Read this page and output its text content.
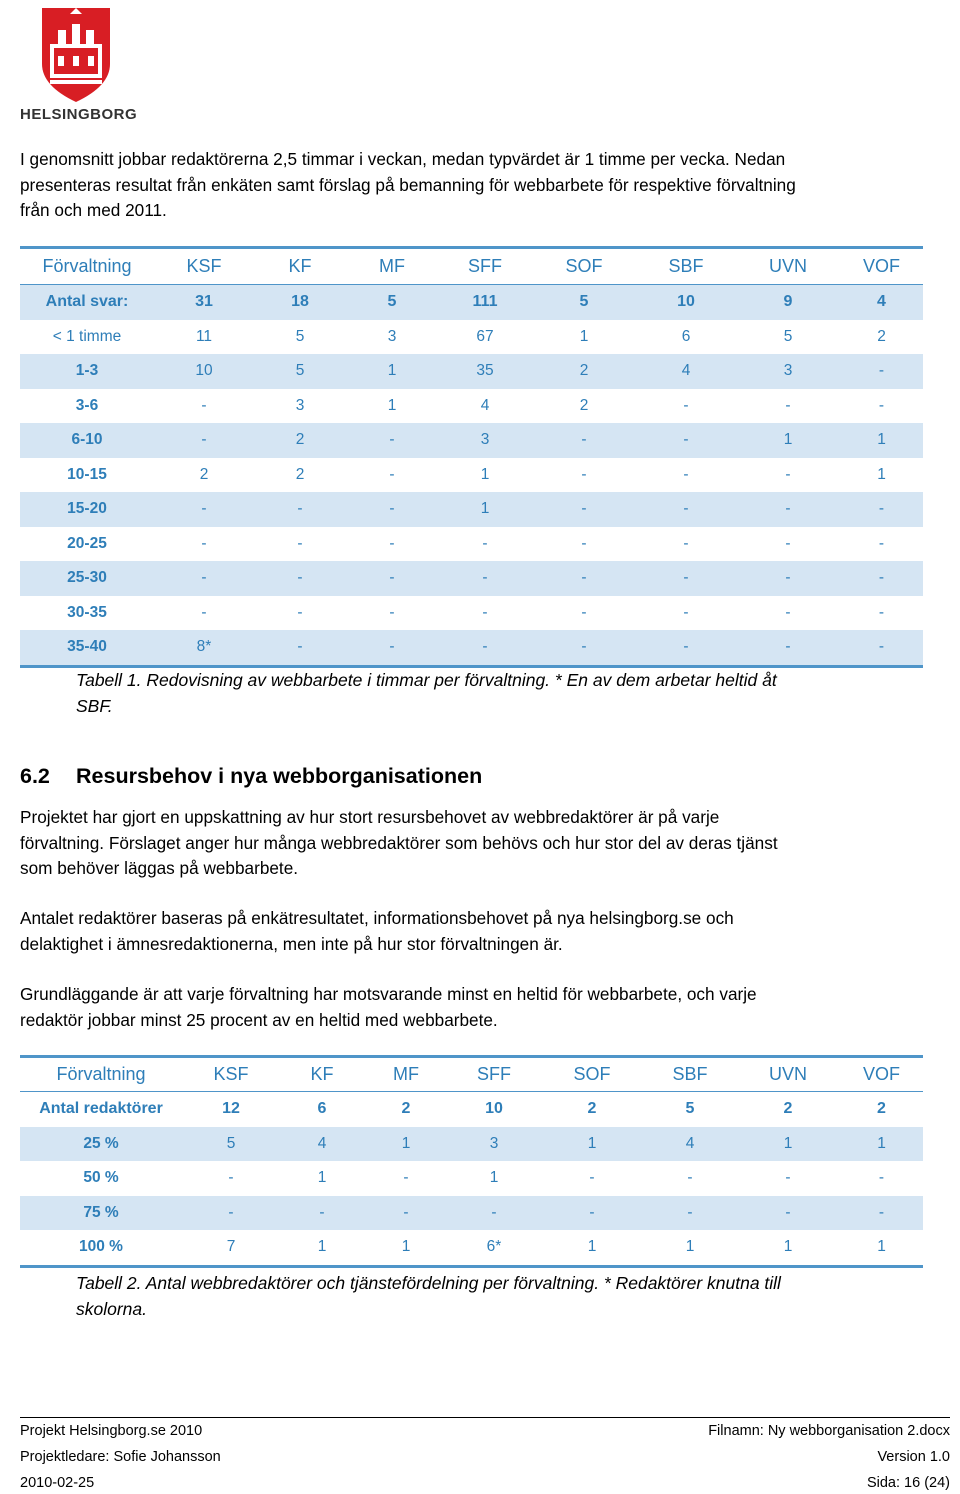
HELSINGBORG
I genomsnitt jobbar redaktörerna 2,5 timmar i veckan, medan typvärdet är 1 timme per vecka. Nedan
presenteras resultat från enkäten samt förslag på bemanning för webbarbete för respektive förvaltning
från och med 2011.
Förvaltning	KSF	KF	MF	SFF	SOF	SBF	UVN	VOF
Antal svar:	31	18	5	111	5	10	9	4
< 1 timme	11	5	3	67	1	6	5	2
1-3	10	5	1	35	2	4	3	-
3-6	-	3	1	4	2	-	-	-
6-10	-	2	-	3	-	-	1	1
10-15	2	2	-	1	-	-	-	1
15-20	-	-	-	1	-	-	-	-
20-25	-	-	-	-	-	-	-	-
25-30	-	-	-	-	-	-	-	-
30-35	-	-	-	-	-	-	-	-
35-40	8*	-	-	-	-	-	-	-
Tabell 1. Redovisning av webbarbete i timmar per förvaltning. * En av dem arbetar heltid åt
SBF.
6.2 Resursbehov i nya webborganisationen
Projektet har gjort en uppskattning av hur stort resursbehovet av webbredaktörer är på varje
förvaltning. Förslaget anger hur många webbredaktörer som behövs och hur stor del av deras tjänst
som behöver läggas på webbarbete.
Antalet redaktörer baseras på enkätresultatet, informationsbehovet på nya helsingborg.se och
delaktighet i ämnesredaktionerna, men inte på hur stor förvaltningen är.
Grundläggande är att varje förvaltning har motsvarande minst en heltid för webbarbete, och varje
redaktör jobbar minst 25 procent av en heltid med webbarbete.
Förvaltning	KSF	KF	MF	SFF	SOF	SBF	UVN	VOF
Antal redaktörer	12	6	2	10	2	5	2	2
25 %	5	4	1	3	1	4	1	1
50 %	-	1	-	1	-	-	-	-
75 %	-	-	-	-	-	-	-	-
100 %	7	1	1	6*	1	1	1	1
Tabell 2. Antal webbredaktörer och tjänstefördelning per förvaltning. * Redaktörer knutna till
skolorna.
Projekt Helsingborg.se 2010	Filnamn: Ny webborganisation 2.docx
Projektledare: Sofie Johansson	Version 1.0
2010-02-25	Sida: 16 (24)
